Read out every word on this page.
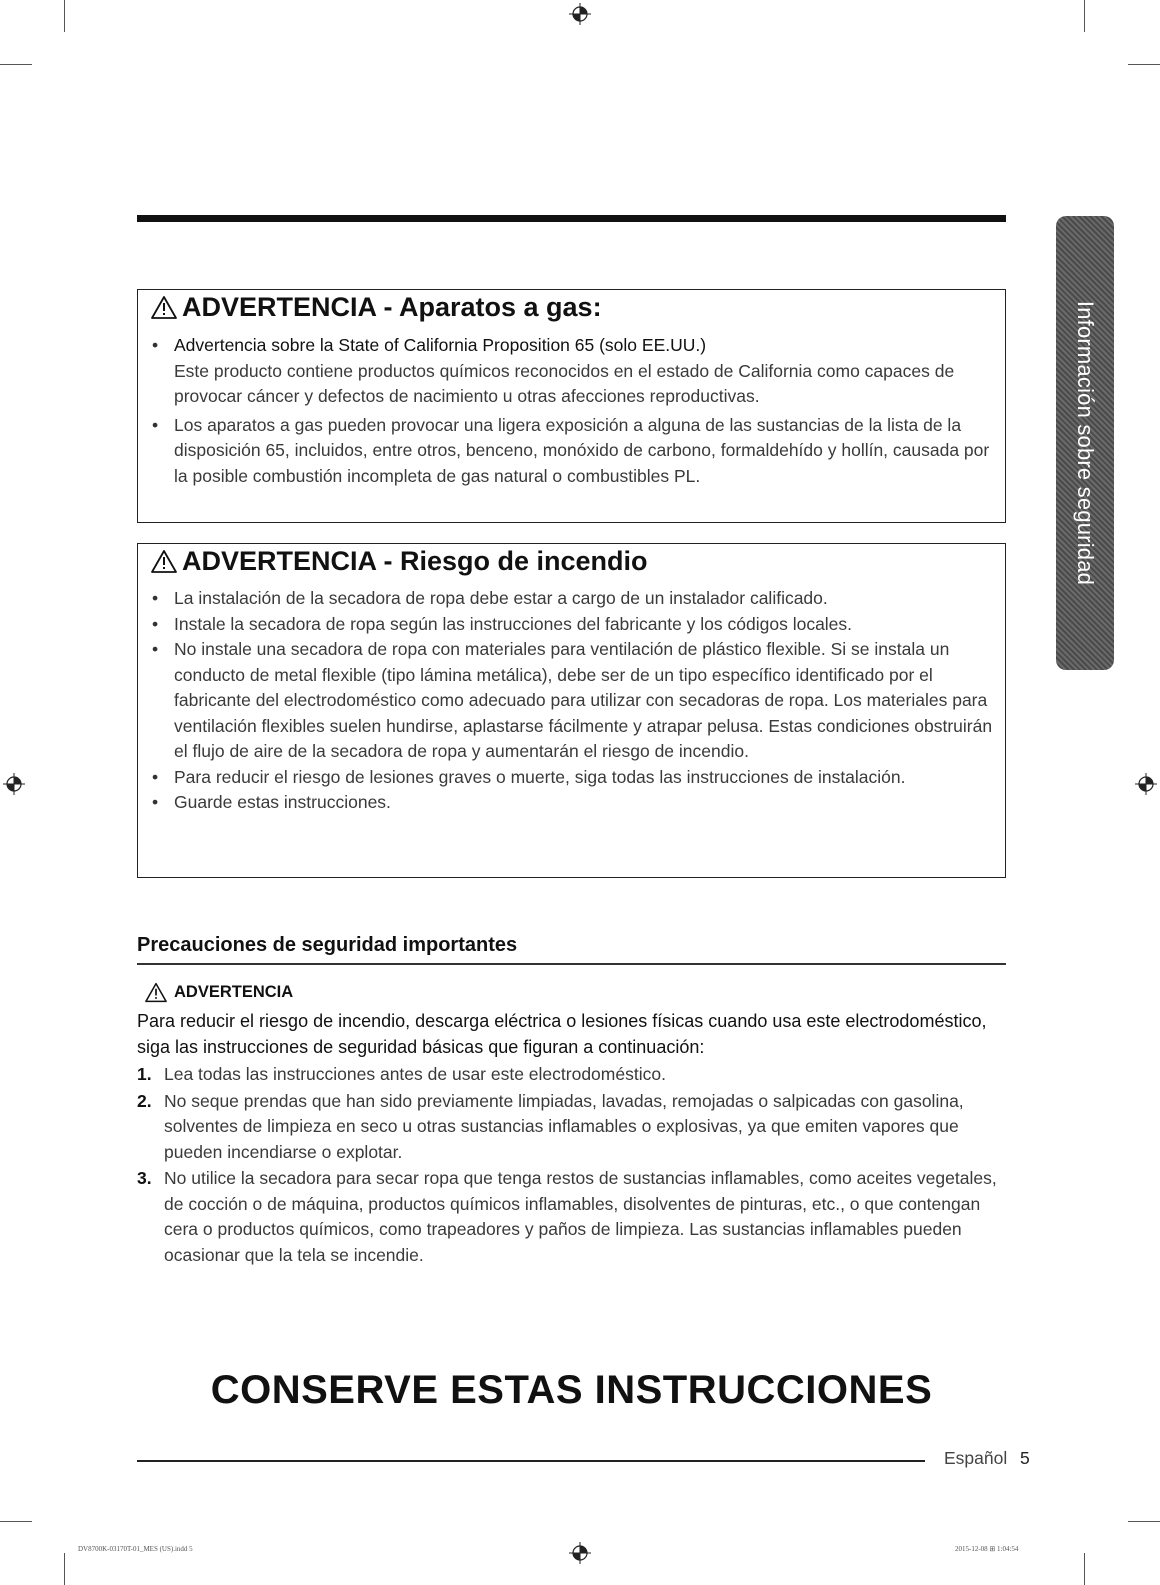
Información sobre seguridad
ADVERTENCIA - Aparatos a gas:
• Advertencia sobre la State of California Proposition 65 (solo EE.UU.)
Este producto contiene productos químicos reconocidos en el estado de California como capaces de provocar cáncer y defectos de nacimiento u otras afecciones reproductivas.
• Los aparatos a gas pueden provocar una ligera exposición a alguna de las sustancias de la lista de la disposición 65, incluidos, entre otros, benceno, monóxido de carbono, formaldehído y hollín, causada por la posible combustión incompleta de gas natural o combustibles PL.
ADVERTENCIA - Riesgo de incendio
• La instalación de la secadora de ropa debe estar a cargo de un instalador calificado.
• Instale la secadora de ropa según las instrucciones del fabricante y los códigos locales.
• No instale una secadora de ropa con materiales para ventilación de plástico flexible. Si se instala un conducto de metal flexible (tipo lámina metálica), debe ser de un tipo específico identificado por el fabricante del electrodoméstico como adecuado para utilizar con secadoras de ropa. Los materiales para ventilación flexibles suelen hundirse, aplastarse fácilmente y atrapar pelusa. Estas condiciones obstruirán el flujo de aire de la secadora de ropa y aumentarán el riesgo de incendio.
• Para reducir el riesgo de lesiones graves o muerte, siga todas las instrucciones de instalación.
• Guarde estas instrucciones.
Precauciones de seguridad importantes
ADVERTENCIA
Para reducir el riesgo de incendio, descarga eléctrica o lesiones físicas cuando usa este electrodoméstico, siga las instrucciones de seguridad básicas que figuran a continuación:
1. Lea todas las instrucciones antes de usar este electrodoméstico.
2. No seque prendas que han sido previamente limpiadas, lavadas, remojadas o salpicadas con gasolina, solventes de limpieza en seco u otras sustancias inflamables o explosivas, ya que emiten vapores que pueden incendiarse o explotar.
3. No utilice la secadora para secar ropa que tenga restos de sustancias inflamables, como aceites vegetales, de cocción o de máquina, productos químicos inflamables, disolventes de pinturas, etc., o que contengan cera o productos químicos, como trapeadores y paños de limpieza. Las sustancias inflamables pueden ocasionar que la tela se incendie.
CONSERVE ESTAS INSTRUCCIONES
Español 5
DV8700K-03170T-01_MES (US).indd 5	2015-12-08 ⊞ 1:04:54
